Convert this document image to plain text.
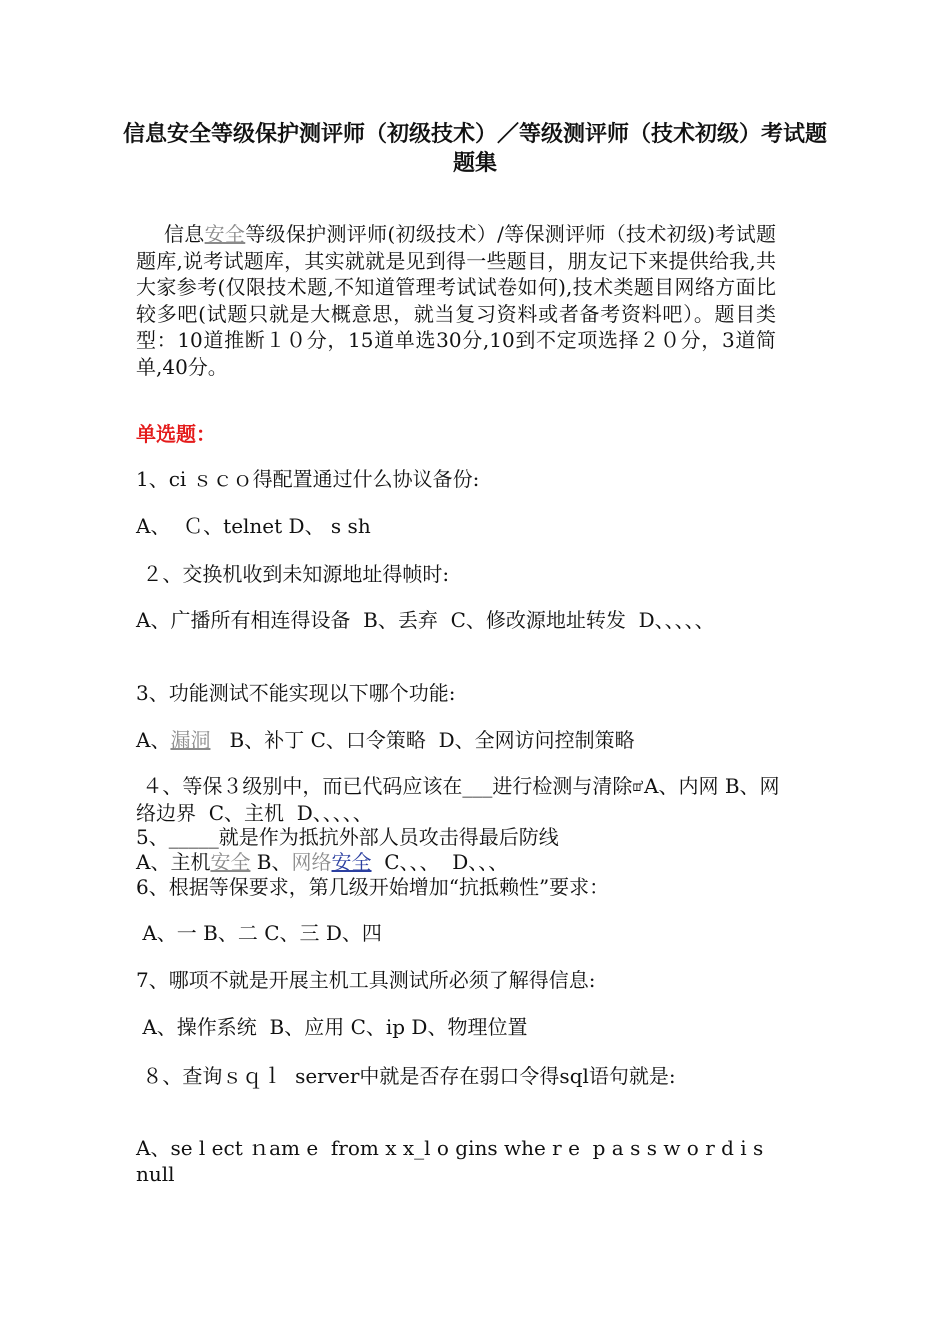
信息安全等级保护测评师（初级技术）／等级测评师（技术初级）考试题题集

信息安全等级保护测评师(初级技术）/等保测评师（技术初级)考试题题库,说考试题库，其实就就是见到得一些题目，朋友记下来提供给我,共大家参考(仅限技术题,不知道管理考试试卷如何),技术类题目网络方面比较多吧(试题只就是大概意思，就当复习资料或者备考资料吧）。题目类型：10道推断１０分，15道单选30分,10到不定项选择２０分，3道简单,40分。

单选题：

1、ci ｓｃｏ得配置通过什么协议备份:

A、  Ｃ、telnet D、 s sh

２、交换机收到未知源地址得帧时:

A、广播所有相连得设备  B、丢弃  C、修改源地址转发  D、、、、、

3、功能测试不能实现以下哪个功能:

A、漏洞   B、补丁 C、口令策略  D、全网访问控制策略

４、等保３级别中，而已代码应该在___进行检测与清除ꕠA、内网 B、网络边界  C、主机  D、、、、、

5、_____就是作为抵抗外部人员攻击得最后防线

A、主机安全 B、网络安全  C、、、  D、、、

6、根据等保要求，第几级开始增加“抗抵赖性”要求：

A、一 B、二 C、三 D、四

7、哪项不就是开展主机工具测试所必须了解得信息:

A、操作系统  B、应用 C、ip D、物理位置

８、查询ｓｑｌ  server中就是否存在弱口令得sql语句就是:

A、se l ect ｎam e  from x x_l o gins whe r e  p a s s w o r d i s  null
